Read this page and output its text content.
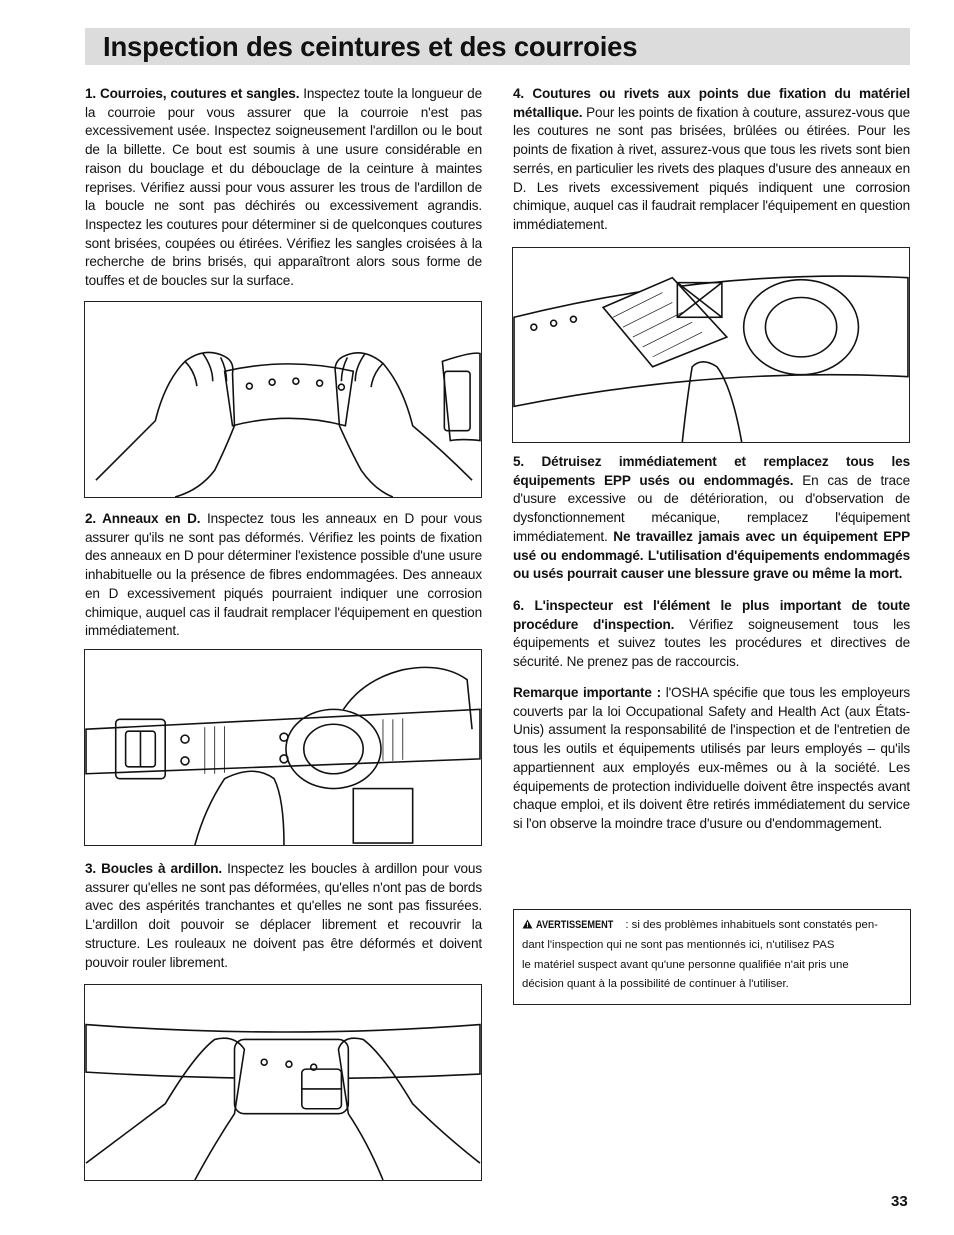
Inspection des ceintures et des courroies

1. Courroies, coutures et sangles. Inspectez toute la longueur de la courroie pour vous assurer que la courroie n'est pas excessivement usée. Inspectez soigneusement l'ardillon ou le bout de la billette. Ce bout est soumis à une usure considérable en raison du bouclage et du débouclage de la ceinture à maintes reprises. Vérifiez aussi pour vous assurer les trous de l'ardillon de la boucle ne sont pas déchirés ou excessivement agrandis. Inspectez les coutures pour déterminer si de quelconques coutures sont brisées, coupées ou étirées. Vérifiez les sangles croisées à la recherche de brins brisés, qui apparaîtront alors sous forme de touffes et de boucles sur la surface.

2. Anneaux en D. Inspectez tous les anneaux en D pour vous assurer qu'ils ne sont pas déformés. Vérifiez les points de fixation des anneaux en D pour déterminer l'existence possible d'une usure inhabituelle ou la présence de fibres endommagées. Des anneaux en D excessivement piqués pourraient indiquer une corrosion chimique, auquel cas il faudrait remplacer l'équipement en question immédiatement.

3. Boucles à ardillon. Inspectez les boucles à ardillon pour vous assurer qu'elles ne sont pas déformées, qu'elles n'ont pas de bords avec des aspérités tranchantes et qu'elles ne sont pas fissurées. L'ardillon doit pouvoir se déplacer librement et recouvrir la structure. Les rouleaux ne doivent pas être déformés et doivent pouvoir rouler librement.

4. Coutures ou rivets aux points due fixation du matériel métallique. Pour les points de fixation à couture, assurez-vous que les coutures ne sont pas brisées, brûlées ou étirées. Pour les points de fixation à rivet, assurez-vous que tous les rivets sont bien serrés, en particulier les rivets des plaques d'usure des anneaux en D. Les rivets excessivement piqués indiquent une corrosion chimique, auquel cas il faudrait remplacer l'équipement en question immédiatement.

5. Détruisez immédiatement et remplacez tous les équipements EPP usés ou endommagés. En cas de trace d'usure excessive ou de détérioration, ou d'observation de dysfonctionnement mécanique, remplacez l'équipement immédiatement. Ne travaillez jamais avec un équipement EPP usé ou endommagé. L'utilisation d'équipements endommagés ou usés pourrait causer une blessure grave ou même la mort.

6. L'inspecteur est l'élément le plus important de toute procédure d'inspection. Vérifiez soigneusement tous les équipements et suivez toutes les procédures et directives de sécurité. Ne prenez pas de raccourcis.

Remarque importante : l'OSHA spécifie que tous les employeurs couverts par la loi Occupational Safety and Health Act (aux États-Unis) assument la responsabilité de l'inspection et de l'entretien de tous les outils et équipements utilisés par leurs employés – qu'ils appartiennent aux employés eux-mêmes ou à la société. Les équipements de protection individuelle doivent être inspectés avant chaque emploi, et ils doivent être retirés immédiatement du service si l'on observe la moindre trace d'usure ou d'endommagement.

AVERTISSEMENT : si des problèmes inhabituels sont constatés pen-
dant l'inspection qui ne sont pas mentionnés ici, n'utilisez PAS
le matériel suspect avant qu'une personne qualifiée n'ait pris une
décision quant à la possibilité de continuer à l'utiliser.
33
